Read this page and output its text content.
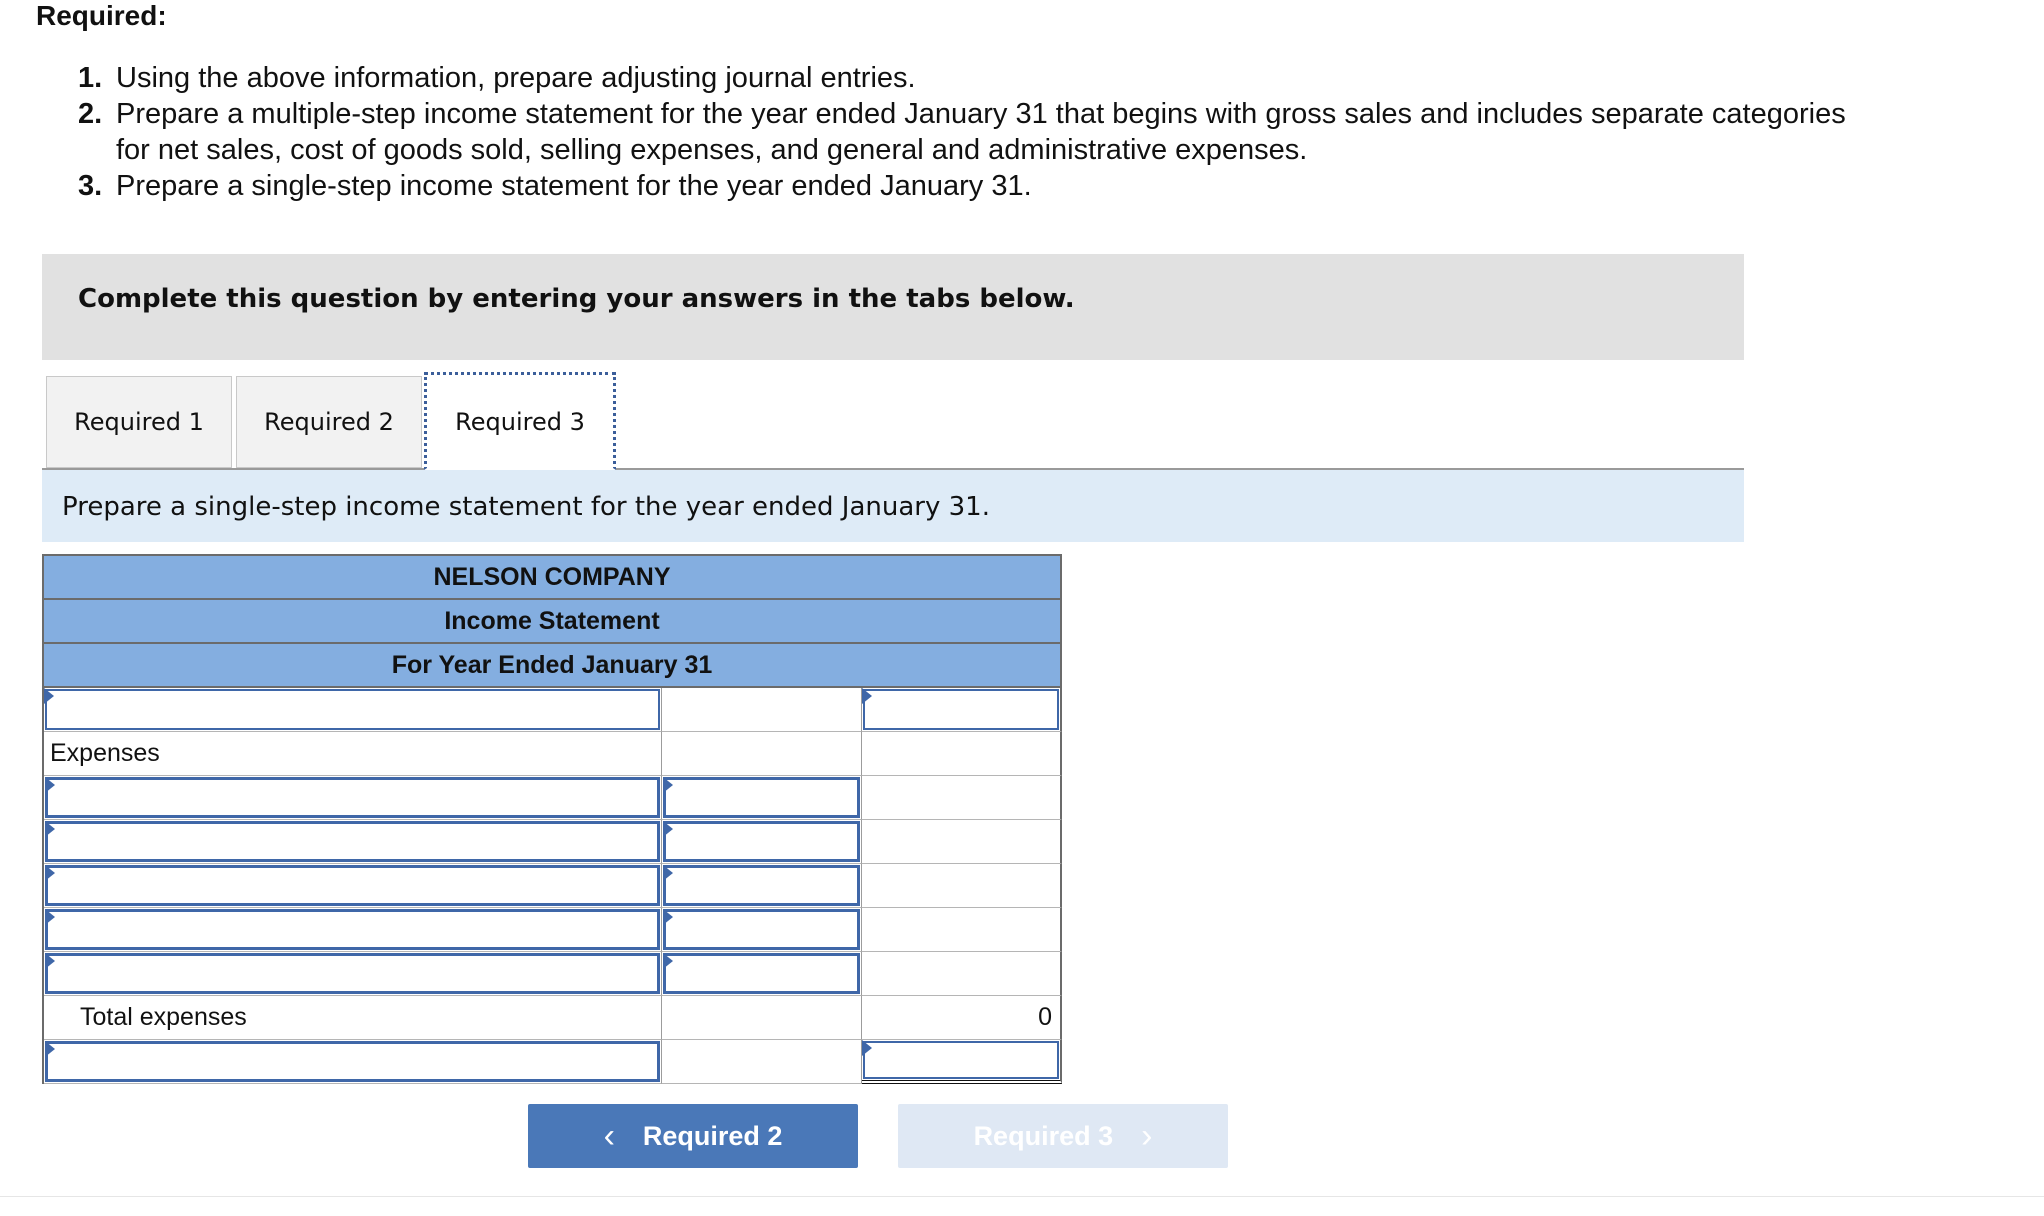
Required:
1. Using the above information, prepare adjusting journal entries.
2. Prepare a multiple-step income statement for the year ended January 31 that begins with gross sales and includes separate categories for net sales, cost of goods sold, selling expenses, and general and administrative expenses.
3. Prepare a single-step income statement for the year ended January 31.
Complete this question by entering your answers in the tabs below.
Required 1	Required 2	Required 3
Prepare a single-step income statement for the year ended January 31.
NELSON COMPANY
Income Statement
For Year Ended January 31
Expenses
Total expenses	0
‹ Required 2	Required 3 ›
